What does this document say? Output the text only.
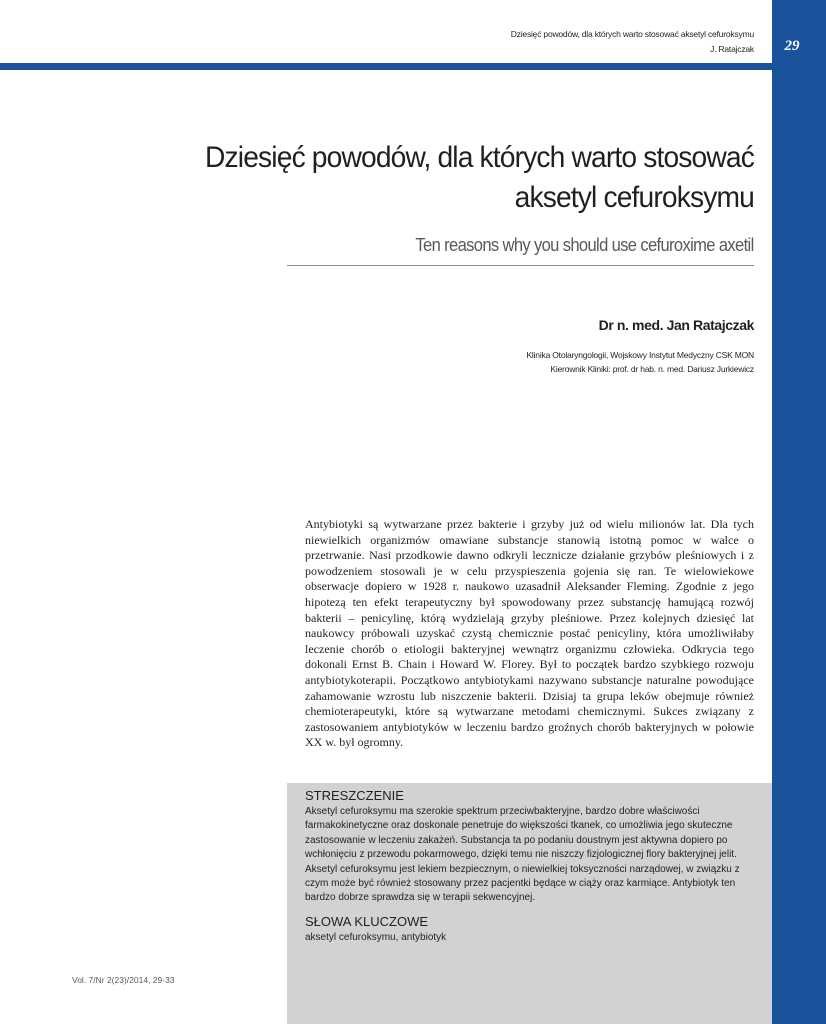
29
Dziesięć powodów, dla których warto stosować aksetyl cefuroksymu
J. Ratajczak
Dziesięć powodów, dla których warto stosować aksetyl cefuroksymu
Ten reasons why you should use cefuroxime axetil
Dr n. med. Jan Ratajczak
Klinika Otolaryngologii, Wojskowy Instytut Medyczny CSK MON
Kierownik Kliniki: prof. dr hab. n. med. Dariusz Jurkiewicz

Antybiotyki są wytwarzane przez bakterie i grzyby już od wielu milionów lat. Dla tych niewielkich organizmów omawiane substancje stanowią istotną pomoc w walce o przetrwanie. Nasi przodkowie dawno odkryli lecznicze działanie grzybów pleśniowych i z powodzeniem stosowali je w celu przyspieszenia gojenia się ran. Te wielowiekowe obserwacje dopiero w 1928 r. naukowo uzasadnił Aleksander Fleming. Zgodnie z jego hipotezą ten efekt terapeutyczny był spowodowany przez substancję hamującą rozwój bakterii – penicylinę, którą wydzielają grzyby pleśniowe. Przez kolejnych dziesięć lat naukowcy próbowali uzyskać czystą chemicznie postać penicyliny, która umożliwiłaby leczenie chorób o etiologii bakteryjnej wewnątrz organizmu człowieka. Odkrycia tego dokonali Ernst B. Chain i Howard W. Florey. Był to początek bardzo szybkiego rozwoju antybiotykoterapii. Początkowo antybiotykami nazywano substancje naturalne powodujące zahamowanie wzrostu lub niszczenie bakterii. Dzisiaj ta grupa leków obejmuje również chemioterapeutyki, które są wytwarzane metodami chemicznymi. Sukces związany z zastosowaniem antybiotyków w leczeniu bardzo groźnych chorób bakteryjnych w połowie XX w. był ogromny.

STRESZCZENIE

Aksetyl cefuroksymu ma szerokie spektrum przeciwbakteryjne, bardzo dobre właściwości farmakokinetyczne oraz doskonale penetruje do większości tkanek, co umożliwia jego skuteczne zastosowanie w leczeniu zakażeń. Substancja ta po podaniu doustnym jest aktywna dopiero po wchłonięciu z przewodu pokarmowego, dzięki temu nie niszczy fizjologicznej flory bakteryjnej jelit. Aksetyl cefuroksymu jest lekiem bezpiecznym, o niewielkiej toksyczności narządowej, w związku z czym może być również stosowany przez pacjentki będące w ciąży oraz karmiące. Antybiotyk ten bardzo dobrze sprawdza się w terapii sekwencyjnej.

SŁOWA KLUCZOWE

aksetyl cefuroksymu, antybiotyk

Vol. 7/Nr 2(23)/2014, 29-33
